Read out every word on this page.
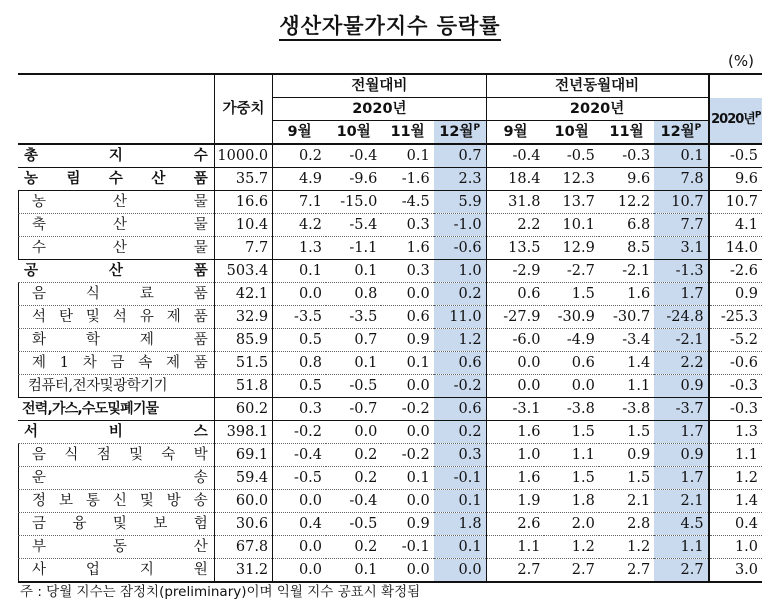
생산자물가지수 등락률
(%)
	가중치	전월대비				전년동월대비				
		2020년				2020년				2020년$^P$
		9월	10월	11월	12월$^P$	9월	10월	11월	12월$^P$
총 지 수	1000.0	0.2	-0.4	0.1	0.7	-0.4	-0.5	-0.3	0.1	-0.5
농 림 수 산 품	35.7	4.9	-9.6	-1.6	2.3	18.4	12.3	9.6	7.8	9.6
농 산 물	16.6	7.1	-15.0	-4.5	5.9	31.8	13.7	12.2	10.7	10.7
축 산 물	10.4	4.2	-5.4	0.3	-1.0	2.2	10.1	6.8	7.7	4.1
수 산 물	7.7	1.3	-1.1	1.6	-0.6	13.5	12.9	8.5	3.1	14.0
공 산 품	503.4	0.1	0.1	0.3	1.0	-2.9	-2.7	-2.1	-1.3	-2.6
음 식 료 품	42.1	0.0	0.8	0.0	0.2	0.6	1.5	1.6	1.7	0.9
석 탄 및 석 유 제 품	32.9	-3.5	-3.5	0.6	11.0	-27.9	-30.9	-30.7	-24.8	-25.3
화 학 제 품	85.9	0.5	0.7	0.9	1.2	-6.0	-4.9	-3.4	-2.1	-5.2
제 1 차 금 속 제 품	51.5	0.8	0.1	0.1	0.6	0.0	0.6	1.4	2.2	-0.6
컴퓨터,전자및광학기기	51.8	0.5	-0.5	0.0	-0.2	0.0	0.0	1.1	0.9	-0.3
전력,가스,수도및폐기물	60.2	0.3	-0.7	-0.2	0.6	-3.1	-3.8	-3.8	-3.7	-0.3
서 비 스	398.1	-0.2	0.0	0.0	0.2	1.6	1.5	1.5	1.7	1.3
음 식 점 및 숙 박	69.1	-0.4	0.2	-0.2	0.3	1.0	1.1	0.9	0.9	1.1
운 송	59.4	-0.5	0.2	0.1	-0.1	1.6	1.5	1.5	1.7	1.2
정 보 통 신 및 방 송	60.0	0.0	-0.4	0.0	0.1	1.9	1.8	2.1	2.1	1.4
금 융 및 보 험	30.6	0.4	-0.5	0.9	1.8	2.6	2.0	2.8	4.5	0.4
부 동 산	67.8	0.0	0.2	-0.1	0.1	1.1	1.2	1.2	1.1	1.0
사 업 지 원	31.2	0.0	0.1	0.0	0.0	2.7	2.7	2.7	2.7	3.0
주 : 당월 지수는 잠정치(preliminary)이며 익월 지수 공표시 확정됨
